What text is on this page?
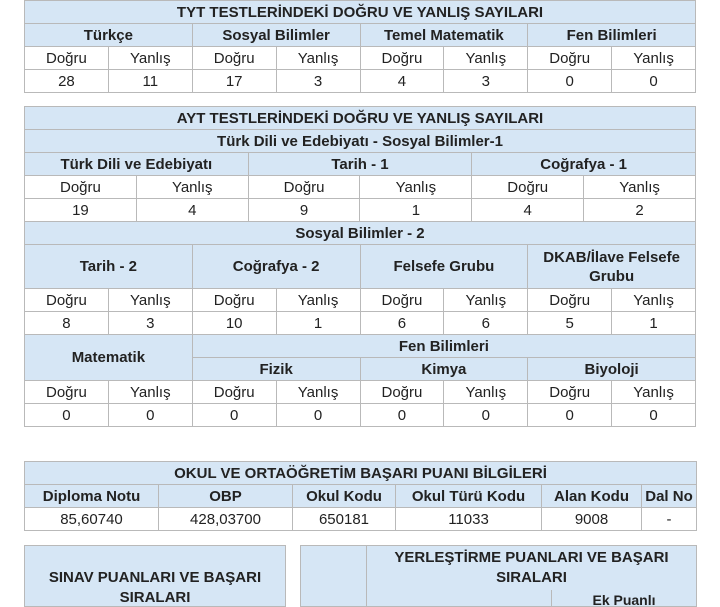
TYT TESTLERİNDEKİ DOĞRU VE YANLIŞ SAYILARI							
Türkçe		Sosyal Bilimler		Temel Matematik		Fen Bilimleri	
Doğru	Yanlış	Doğru	Yanlış	Doğru	Yanlış	Doğru	Yanlış
28	11	17	3	4	3	0	0
AYT TESTLERİNDEKİ DOĞRU VE YANLIŞ SAYILARI					
Türk Dili ve Edebiyatı - Sosyal Bilimler-1					
Türk Dili ve Edebiyatı		Tarih - 1		Coğrafya - 1	
Doğru	Yanlış	Doğru	Yanlış	Doğru	Yanlış
19	4	9	1	4	2
Sosyal Bilimler - 2							
Tarih - 2		Coğrafya - 2		Felsefe Grubu		DKAB/İlave Felsefe Grubu	
Doğru	Yanlış	Doğru	Yanlış	Doğru	Yanlış	Doğru	Yanlış
8	3	10	1	6	6	5	1
Matematik		Fen Bilimleri					
		Fizik		Kimya		Biyoloji	
Doğru	Yanlış	Doğru	Yanlış	Doğru	Yanlış	Doğru	Yanlış
0	0	0	0	0	0	0	0
OKUL VE ORTAÖĞRETİM BAŞARI PUANI BİLGİLERİ					
Diploma Notu	OBP	Okul Kodu	Okul Türü Kodu	Alan Kodu	Dal No
85,60740	428,03700	650181	11033	9008	-
SINAV PUANLARI VE BAŞARI SIRALARI
YERLEŞTİRME PUANLARI VE BAŞARI SIRALARI
Ek Puanlı
